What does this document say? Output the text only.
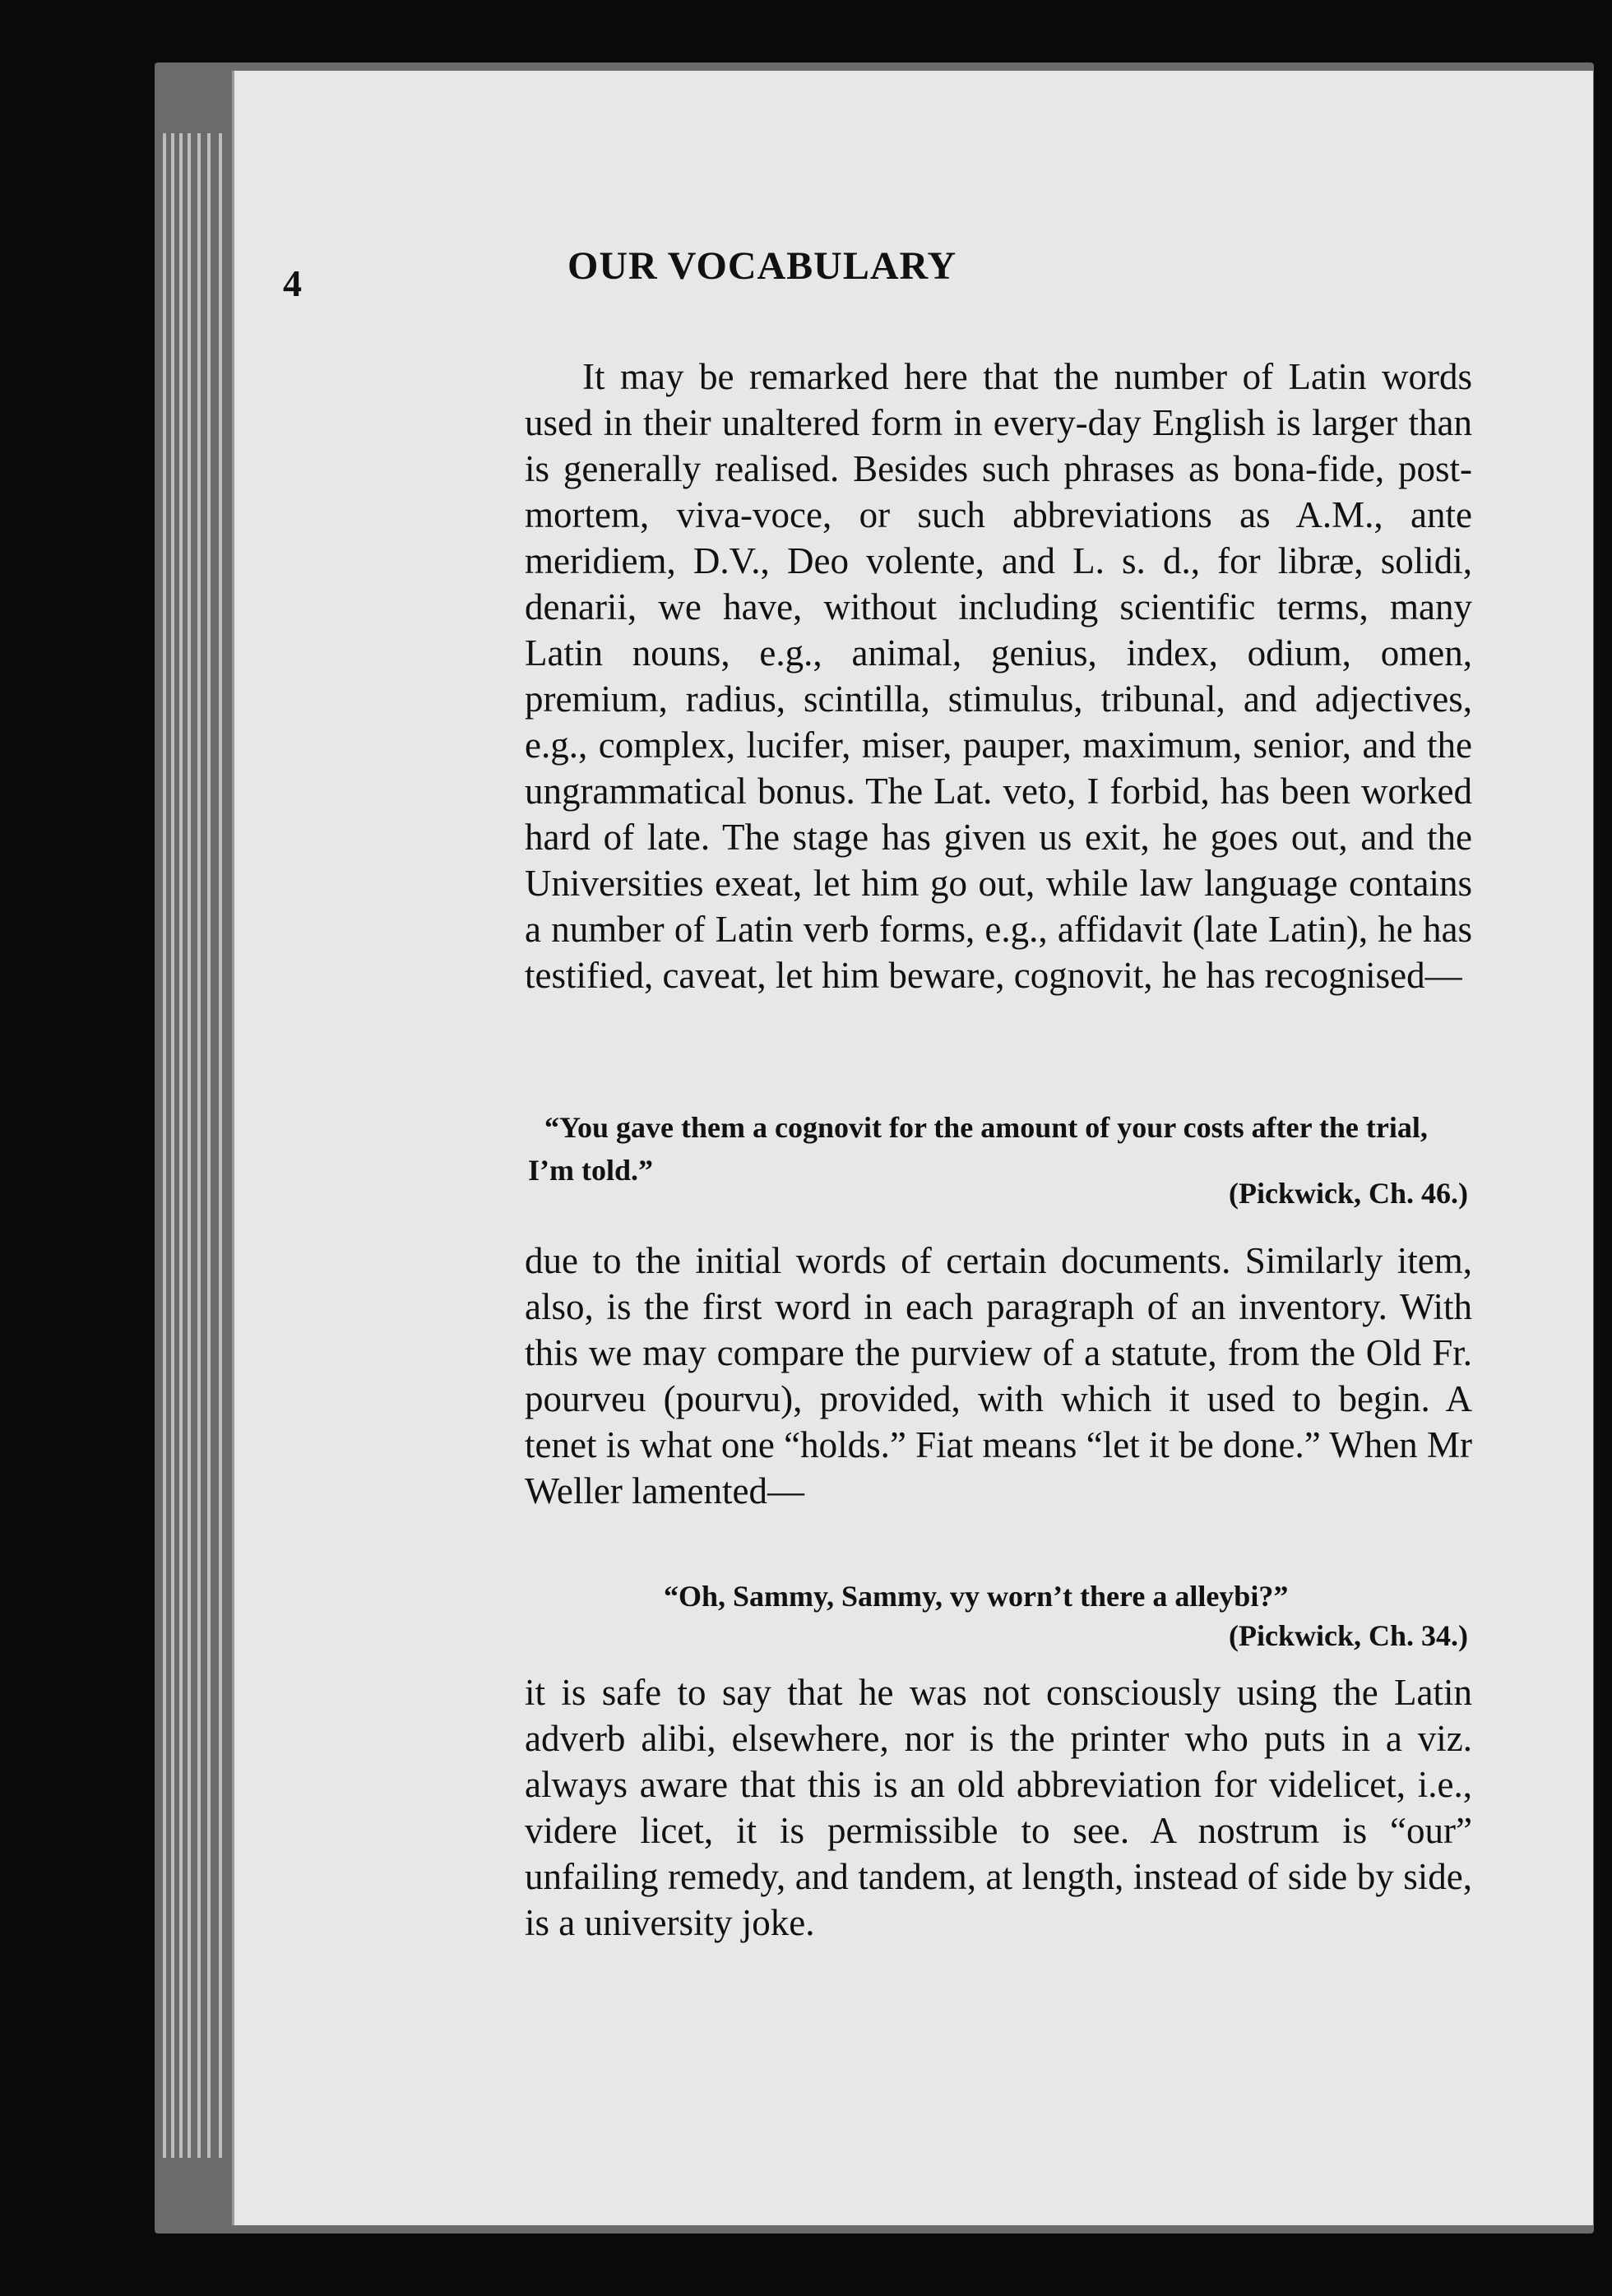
4	OUR VOCABULARY

It may be remarked here that the number of Latin words used in their unaltered form in every-day English is larger than is generally realised. Besides such phrases as bona-fide, post-mortem, viva-voce, or such abbreviations as A.M., ante meridiem, D.V., Deo volente, and L. s. d., for libræ, solidi, denarii, we have, without including scientific terms, many Latin nouns, e.g., animal, genius, index, odium, omen, premium, radius, scintilla, stimulus, tribunal, and adjectives, e.g., complex, lucifer, miser, pauper, maximum, senior, and the ungrammatical bonus. The Lat. veto, I forbid, has been worked hard of late. The stage has given us exit, he goes out, and the Universities exeat, let him go out, while law language contains a number of Latin verb forms, e.g., affidavit (late Latin), he has testified, caveat, let him beware, cognovit, he has recognised—

“You gave them a cognovit for the amount of your costs after the trial, I’m told.”
(Pickwick, Ch. 46.)

due to the initial words of certain documents. Similarly item, also, is the first word in each paragraph of an inventory. With this we may compare the purview of a statute, from the Old Fr. pourveu (pourvu), provided, with which it used to begin. A tenet is what one “holds.” Fiat means “let it be done.” When Mr Weller lamented—

“Oh, Sammy, Sammy, vy worn’t there a alleybi?”
(Pickwick, Ch. 34.)

it is safe to say that he was not consciously using the Latin adverb alibi, elsewhere, nor is the printer who puts in a viz. always aware that this is an old abbreviation for videlicet, i.e., videre licet, it is permissible to see. A nostrum is “our” unfailing remedy, and tandem, at length, instead of side by side, is a university joke.
